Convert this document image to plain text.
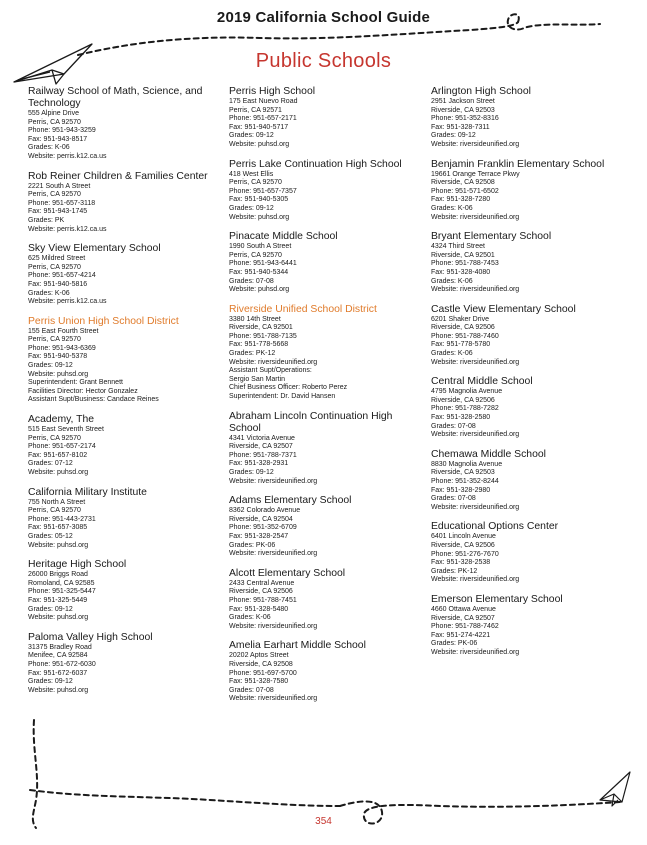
2019 California School Guide
Public Schools
Railway School of Math, Science, and Technology
555 Alpine Drive
Perris, CA 92570
Phone: 951-943-3259
Fax: 951-943-8517
Grades: K-06
Website: perris.k12.ca.us
Rob Reiner Children & Families Center
2221 South A Street
Perris, CA 92570
Phone: 951-657-3118
Fax: 951-943-1745
Grades: PK
Website: perris.k12.ca.us
Sky View Elementary School
625 Mildred Street
Perris, CA 92570
Phone: 951-657-4214
Fax: 951-940-5816
Grades: K-06
Website: perris.k12.ca.us
Perris Union High School District
155 East Fourth Street
Perris, CA 92570
Phone: 951-943-6369
Fax: 951-940-5378
Grades: 09-12
Website: puhsd.org
Superintendent: Grant Bennett
Facilities Director: Hector Gonzalez
Assistant Supt/Business: Candace Reines
Academy, The
515 East Seventh Street
Perris, CA 92570
Phone: 951-657-2174
Fax: 951-657-8102
Grades: 07-12
Website: puhsd.org
California Military Institute
755 North A Street
Perris, CA 92570
Phone: 951-443-2731
Fax: 951-657-3085
Grades: 05-12
Website: puhsd.org
Heritage High School
26000 Briggs Road
Romoland, CA 92585
Phone: 951-325-5447
Fax: 951-325-5449
Grades: 09-12
Website: puhsd.org
Paloma Valley High School
31375 Bradley Road
Menifee, CA 92584
Phone: 951-672-6030
Fax: 951-672-6037
Grades: 09-12
Website: puhsd.org
Perris High School
175 East Nuevo Road
Perris, CA 92571
Phone: 951-657-2171
Fax: 951-940-5717
Grades: 09-12
Website: puhsd.org
Perris Lake Continuation High School
418 West Ellis
Perris, CA 92570
Phone: 951-657-7357
Fax: 951-940-5305
Grades: 09-12
Website: puhsd.org
Pinacate Middle School
1990 South A Street
Perris, CA 92570
Phone: 951-943-6441
Fax: 951-940-5344
Grades: 07-08
Website: puhsd.org
Riverside Unified School District
3380 14th Street
Riverside, CA 92501
Phone: 951-788-7135
Fax: 951-778-5668
Grades: PK-12
Website: riversideunified.org
Assistant Supt/Operations:
Sergio San Martin
Chief Business Officer: Roberto Perez
Superintendent: Dr. David Hansen
Abraham Lincoln Continuation High School
4341 Victoria Avenue
Riverside, CA 92507
Phone: 951-788-7371
Fax: 951-328-2931
Grades: 09-12
Website: riversideunified.org
Adams Elementary School
8362 Colorado Avenue
Riverside, CA 92504
Phone: 951-352-6709
Fax: 951-328-2547
Grades: PK-06
Website: riversideunified.org
Alcott Elementary School
2433 Central Avenue
Riverside, CA 92506
Phone: 951-788-7451
Fax: 951-328-5480
Grades: K-06
Website: riversideunified.org
Amelia Earhart Middle School
20202 Aptos Street
Riverside, CA 92508
Phone: 951-697-5700
Fax: 951-328-7580
Grades: 07-08
Website: riversideunified.org
Arlington High School
2951 Jackson Street
Riverside, CA 92503
Phone: 951-352-8316
Fax: 951-328-7311
Grades: 09-12
Website: riversideunified.org
Benjamin Franklin Elementary School
19661 Orange Terrace Pkwy
Riverside, CA 92508
Phone: 951-571-6502
Fax: 951-328-7280
Grades: K-06
Website: riversideunified.org
Bryant Elementary School
4324 Third Street
Riverside, CA 92501
Phone: 951-788-7453
Fax: 951-328-4080
Grades: K-06
Website: riversideunified.org
Castle View Elementary School
6201 Shaker Drive
Riverside, CA 92506
Phone: 951-788-7460
Fax: 951-778-5780
Grades: K-06
Website: riversideunified.org
Central Middle School
4795 Magnolia Avenue
Riverside, CA 92506
Phone: 951-788-7282
Fax: 951-328-2580
Grades: 07-08
Website: riversideunified.org
Chemawa Middle School
8830 Magnolia Avenue
Riverside, CA 92503
Phone: 951-352-8244
Fax: 951-328-2980
Grades: 07-08
Website: riversideunified.org
Educational Options Center
6401 Lincoln Avenue
Riverside, CA 92506
Phone: 951-276-7670
Fax: 951-328-2538
Grades: PK-12
Website: riversideunified.org
Emerson Elementary School
4660 Ottawa Avenue
Riverside, CA 92507
Phone: 951-788-7462
Fax: 951-274-4221
Grades: PK-06
Website: riversideunified.org
354
